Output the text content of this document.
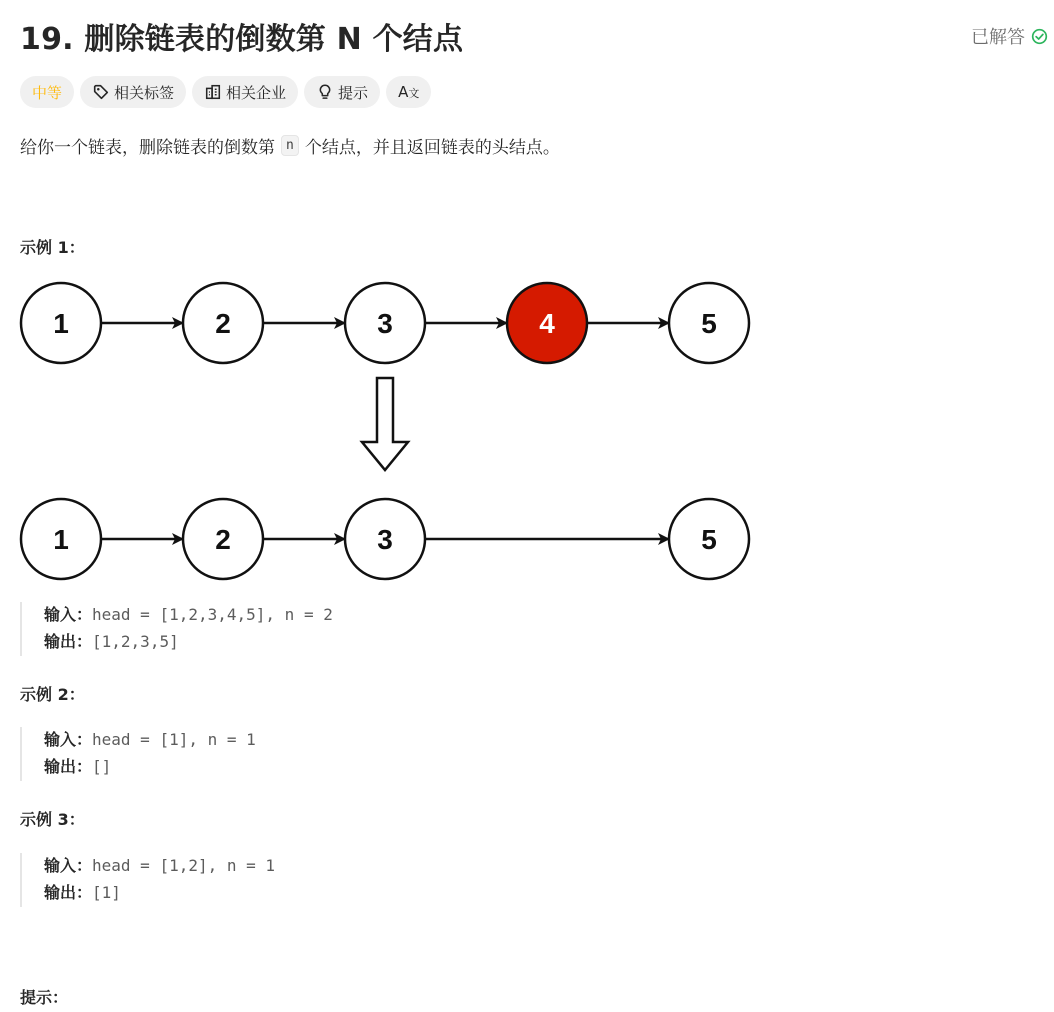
19. 删除链表的倒数第 N 个结点	已解答
中等	相关标签	相关企业	提示 A ⽂
给你一个链表，删除链表的倒数第 n 个结点，并且返回链表的头结点。
示例 1：
1	2	3	4	5
1	2	3	5
输入： head = [1,2,3,4,5], n = 2
输出： [1,2,3,5]
示例 2：
输入： head = [1], n = 1
输出： []
示例 3：
输入： head = [1,2], n = 1
输出： [1]
提示：
